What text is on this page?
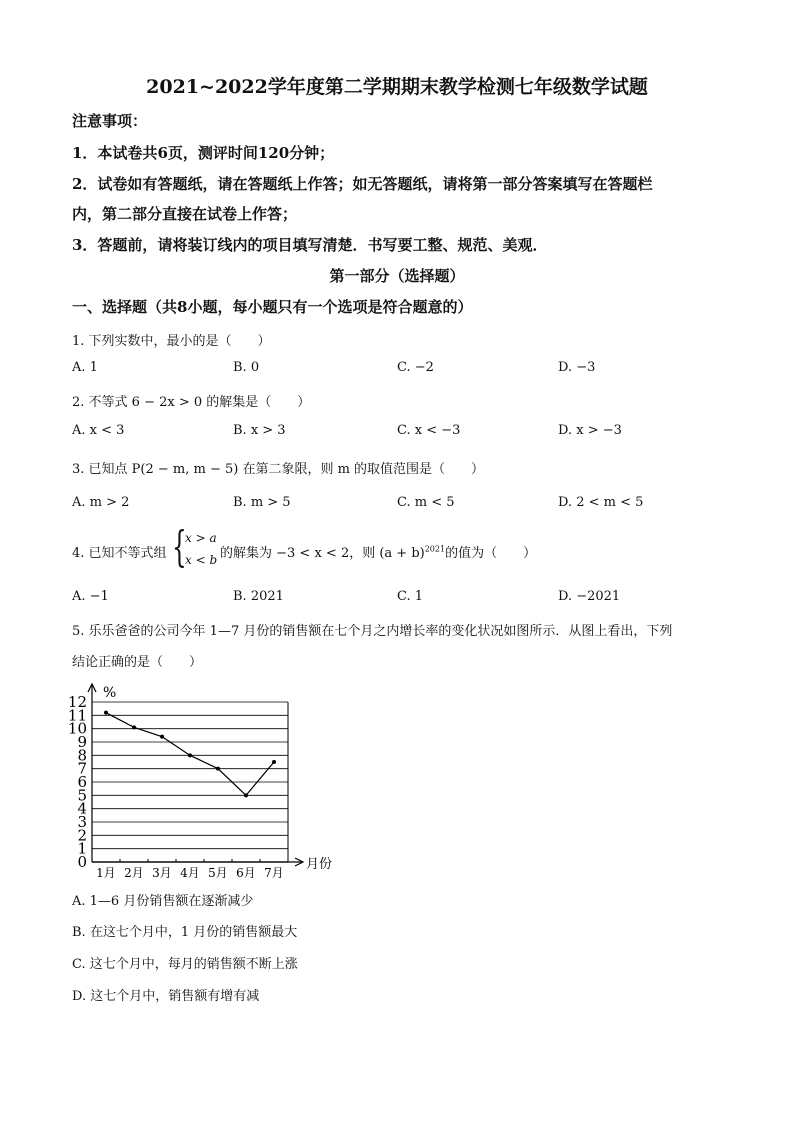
2021~2022学年度第二学期期末教学检测七年级数学试题
注意事项：
1．本试卷共6页，测评时间120分钟；
2．试卷如有答题纸，请在答题纸上作答；如无答题纸，请将第一部分答案填写在答题栏
内，第二部分直接在试卷上作答；
3．答题前，请将装订线内的项目填写清楚．书写要工整、规范、美观．
第一部分（选择题）
一、选择题（共8小题，每小题只有一个选项是符合题意的）
1. 下列实数中，最小的是（　　）
A. 1	B. 0	C. −2	D. −3
2. 不等式 6 − 2x > 0 的解集是（　　）
A. x < 3	B. x > 3	C. x < −3	D. x > −3
3. 已知点 P(2 − m, m − 5) 在第二象限，则 m 的取值范围是（　　）
A. m > 2	B. m > 5	C. m < 5	D. 2 < m < 5
4. 已知不等式组 {
x > a
x < b 的解集为 −3 < x < 2，则 $(a + b)^{2021}$的值为（　　）
A. −1	B. 2021	C. 1	D. −2021
5. 乐乐爸爸的公司今年 1—7 月份的销售额在七个月之内增长率的变化状况如图所示．从图上看出，下列
结论正确的是（　　）
0
1
2
3
4
5
6
7
8
9
10
11
12
1月 2月 3月 4月 5月 6月 7月
%
月份
A. 1—6 月份销售额在逐渐减少
B. 在这七个月中，1 月份的销售额最大
C. 这七个月中，每月的销售额不断上涨
D. 这七个月中，销售额有增有减
